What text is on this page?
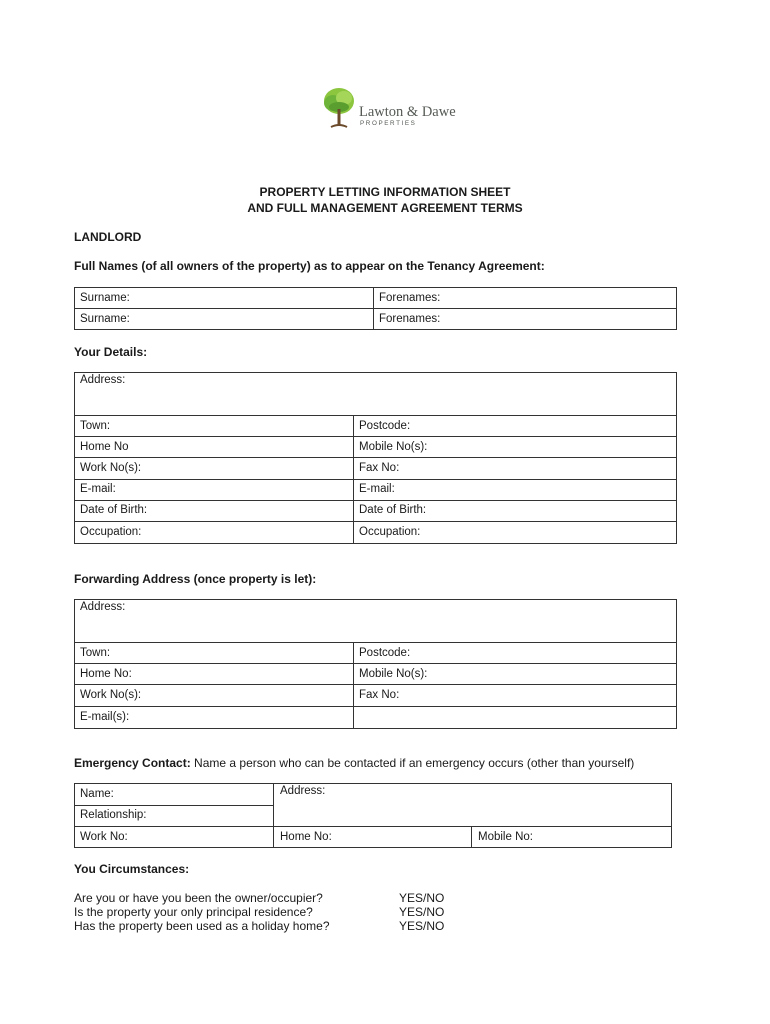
Lawton & Dawe
PROPERTIES
PROPERTY LETTING INFORMATION SHEET
AND FULL MANAGEMENT AGREEMENT TERMS
LANDLORD
Full Names (of all owners of the property) as to appear on the Tenancy Agreement:
Surname:	Forenames:
Surname:	Forenames:
Your Details:
Address:
Town:	Postcode:
Home No	Mobile No(s):
Work No(s):	Fax No:
E-mail:	E-mail:
Date of Birth:	Date of Birth:
Occupation:	Occupation:
Forwarding Address (once property is let):
Address:
Town:	Postcode:
Home No:	Mobile No(s):
Work No(s):	Fax No:
E-mail(s):
Emergency Contact: Name a person who can be contacted if an emergency occurs (other than yourself)
Name:	Address:
Relationship:
Work No:	Home No:	Mobile No:
You Circumstances:
Are you or have you been the owner/occupier?	YES/NO
Is the property your only principal residence?	YES/NO
Has the property been used as a holiday home?	YES/NO
